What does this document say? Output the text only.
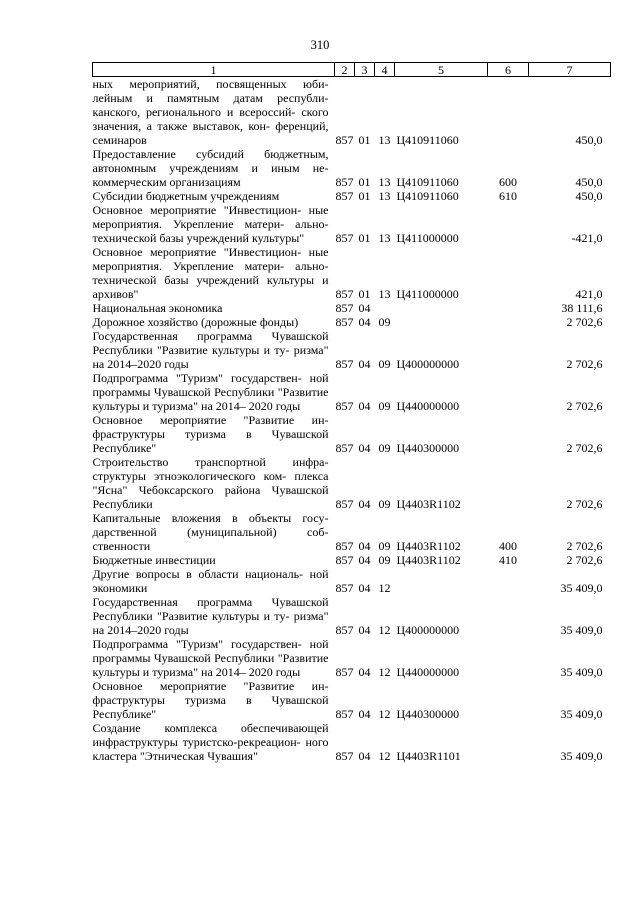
310
1	2	3	4	5	6	7
ных мероприятий, посвященных юби- лейным и памятным датам республи- канского, регионального и всероссий- ского значения, а также выставок, кон- ференций, семинаров	857	01	13	Ц410911060		450,0
Предоставление субсидий бюджетным, автономным учреждениям и иным не- коммерческим организациям	857	01	13	Ц410911060	600	450,0
Субсидии бюджетным учреждениям	857	01	13	Ц410911060	610	450,0
Основное мероприятие "Инвестицион- ные мероприятия. Укрепление матери- ально-технической базы учреждений культуры"	857	01	13	Ц411000000		-421,0
Основное мероприятие "Инвестицион- ные мероприятия. Укрепление матери- ально-технической базы учреждений культуры и архивов"	857	01	13	Ц411000000		421,0
Национальная экономика	857	04				38 111,6
Дорожное хозяйство (дорожные фонды)	857	04	09			2 702,6
Государственная программа Чувашской Республики "Развитие культуры и ту- ризма" на 2014–2020 годы	857	04	09	Ц400000000		2 702,6
Подпрограмма "Туризм" государствен- ной программы Чувашской Республики "Развитие культуры и туризма" на 2014– 2020 годы	857	04	09	Ц440000000		2 702,6
Основное мероприятие "Развитие ин- фраструктуры туризма в Чувашской Республике"	857	04	09	Ц440300000		2 702,6
Строительство транспортной инфра- структуры этноэкологического ком- плекса "Ясна" Чебоксарского района Чувашской Республики	857	04	09	Ц4403R1102		2 702,6
Капитальные вложения в объекты госу- дарственной (муниципальной) соб- ственности	857	04	09	Ц4403R1102	400	2 702,6
Бюджетные инвестиции	857	04	09	Ц4403R1102	410	2 702,6
Другие вопросы в области националь- ной экономики	857	04	12			35 409,0
Государственная программа Чувашской Республики "Развитие культуры и ту- ризма" на 2014–2020 годы	857	04	12	Ц400000000		35 409,0
Подпрограмма "Туризм" государствен- ной программы Чувашской Республики "Развитие культуры и туризма" на 2014– 2020 годы	857	04	12	Ц440000000		35 409,0
Основное мероприятие "Развитие ин- фраструктуры туризма в Чувашской Республике"	857	04	12	Ц440300000		35 409,0
Создание комплекса обеспечивающей инфраструктуры туристско-рекреацион- ного кластера "Этническая Чувашия"	857	04	12	Ц4403R1101		35 409,0
